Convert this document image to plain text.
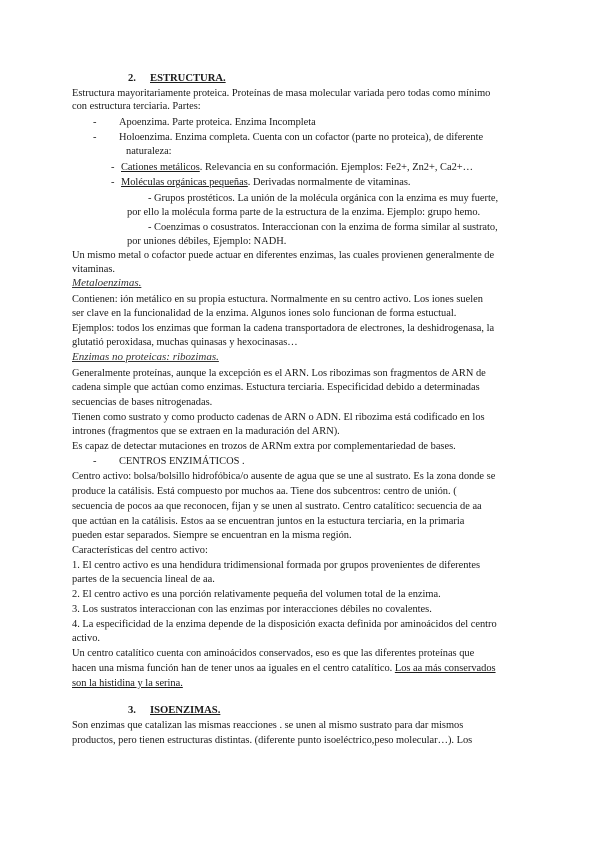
2. ESTRUCTURA.
Estructura mayoritariamente proteica. Proteínas de masa molecular variada pero todas como mínimo
con estructura terciaria. Partes:
- Apoenzima. Parte proteica. Enzima Incompleta
- Holoenzima. Enzima completa. Cuenta con un cofactor (parte no proteica), de diferente
naturaleza:
- Cationes metálicos. Relevancia en su conformación. Ejemplos: Fe2+, Zn2+, Ca2+…
- Moléculas orgánicas pequeñas. Derivadas normalmente de vitaminas.
- Grupos prostéticos. La unión de la molécula orgánica con la enzima es muy fuerte,
por ello la molécula forma parte de la estructura de la enzima. Ejemplo: grupo hemo.
- Coenzimas o cosustratos. Interaccionan con la enzima de forma similar al sustrato,
por uniones débiles, Ejemplo: NADH.
Un mismo metal o cofactor puede actuar en diferentes enzimas, las cuales provienen generalmente de
vitaminas.
Metaloenzimas.
Contienen: ión metálico en su propia estuctura. Normalmente en su centro activo. Los iones suelen
ser clave en la funcionalidad de la enzima. Algunos iones solo funcionan de forma estuctual.
Ejemplos: todos los enzimas que forman la cadena transportadora de electrones, la deshidrogenasa, la
glutatió peroxidasa, muchas quinasas y hexocinasas…
Enzimas no proteicas: ribozimas.
Generalmente proteínas, aunque la excepción es el ARN. Los ribozimas son fragmentos de ARN de
cadena simple que actúan como enzimas. Estuctura terciaria. Especificidad debido a determinadas
secuencias de bases nitrogenadas.
Tienen como sustrato y como producto cadenas de ARN o ADN. El ribozima está codificado en los
intrones (fragmentos que se extraen en la maduración del ARN).
Es capaz de detectar mutaciones en trozos de ARNm extra por complementariedad de bases.
- CENTROS ENZIMÁTICOS .
Centro activo: bolsa/bolsillo hidrofóbica/o ausente de agua que se une al sustrato. Es la zona donde se
produce la catálisis. Está compuesto por muchos aa. Tiene dos subcentros: centro de unión. (
secuencia de pocos aa que reconocen, fijan y se unen al sustrato. Centro catalítico: secuencia de aa
que actúan en la catálisis. Estos aa se encuentran juntos en la estuctura terciaria, en la primaria
pueden estar separados. Siempre se encuentran en la misma región.
Características del centro activo:
1. El centro activo es una hendidura tridimensional formada por grupos provenientes de diferentes
partes de la secuencia lineal de aa.
2. El centro activo es una porción relativamente pequeña del volumen total de la enzima.
3. Los sustratos interaccionan con las enzimas por interacciones débiles no covalentes.
4. La especificidad de la enzima depende de la disposición exacta definida por aminoácidos del centro
activo.
Un centro catalítico cuenta con aminoácidos conservados, eso es que las diferentes proteínas que
hacen una misma función han de tener unos aa iguales en el centro catalítico. Los aa más conservados
son la histidina y la serina.
3. ISOENZIMAS.
Son enzimas que catalizan las mismas reacciones . se unen al mismo sustrato para dar mismos
productos, pero tienen estructuras distintas. (diferente punto isoeléctrico,peso molecular…). Los
